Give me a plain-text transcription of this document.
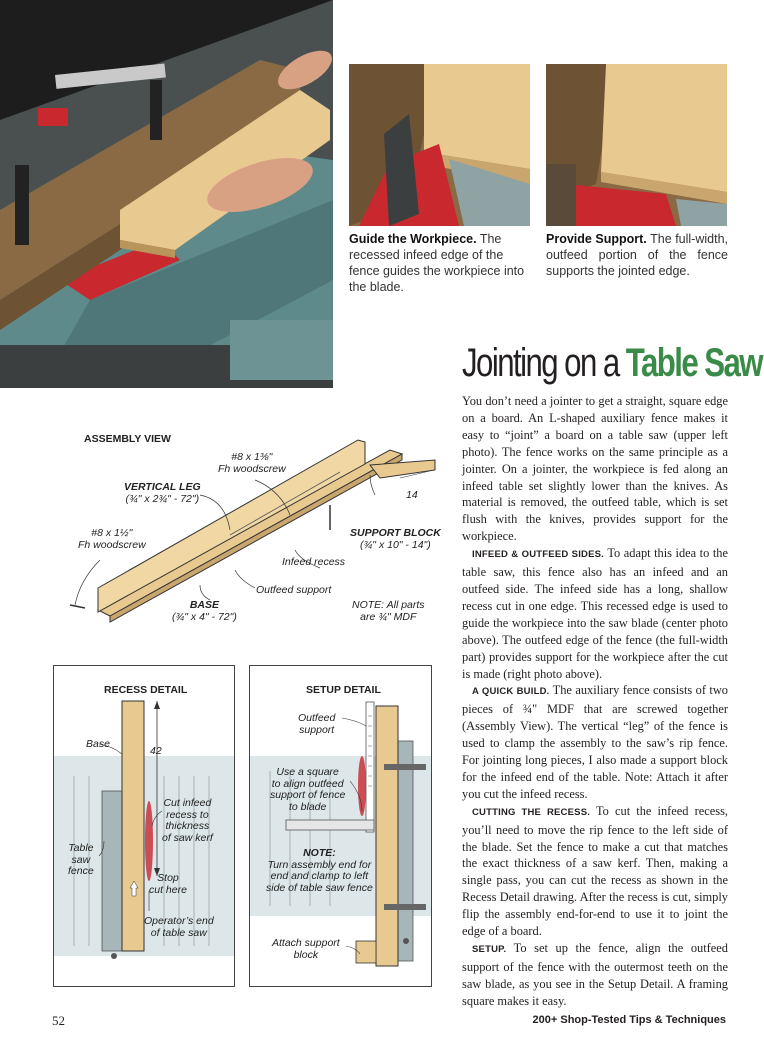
Guide the Workpiece. The recessed infeed edge of the fence guides the workpiece into the blade.
Provide Support. The full-width, outfeed portion of the fence supports the jointed edge.
Jointing on a Table Saw

You don’t need a jointer to get a straight, square edge on a board. An L-shaped auxiliary fence makes it easy to “joint” a board on a table saw (upper left photo). The fence works on the same principle as a jointer. On a jointer, the workpiece is fed along an infeed table set slightly lower than the knives. As material is removed, the outfeed table, which is set flush with the knives, provides support for the workpiece.

INFEED & OUTFEED SIDES. To adapt this idea to the table saw, this fence also has an infeed and an outfeed side. The infeed side has a long, shallow recess cut in one edge. This recessed edge is used to guide the workpiece into the saw blade (center photo above). The outfeed edge of the fence (the full-width part) provides support for the workpiece after the cut is made (right photo above).

A QUICK BUILD. The auxiliary fence consists of two pieces of ¾" MDF that are screwed together (Assembly View). The vertical “leg” of the fence is used to clamp the assembly to the saw’s rip fence. For jointing long pieces, I also made a support block for the infeed end of the table. Note: Attach it after you cut the infeed recess.

CUTTING THE RECESS. To cut the infeed recess, you’ll need to move the rip fence to the left side of the blade. Set the fence to make a cut that matches the exact thickness of a saw kerf. Then, making a single pass, you can cut the recess as shown in the Recess Detail drawing. After the recess is cut, simply flip the assembly end-for-end to use it to joint the edge of a board.

SETUP. To set up the fence, align the outfeed support of the fence with the outermost teeth on the saw blade, as you see in the Setup Detail. A framing square makes it easy.

ASSEMBLY VIEW
#8 x 1⅜"
Fh woodscrew
VERTICAL LEG
(¾" x 2¾" - 72")
#8 x 1½"
Fh woodscrew
14
SUPPORT BLOCK
(¾" x 10" - 14")
Infeed recess
Outfeed support
BASE
(¾" x 4" - 72")
NOTE: All parts
are ¾" MDF
RECESS DETAIL
Base
42
Cut infeed
recess to
thickness
of saw kerf
Table
saw
fence
Stop
cut here
Operator’s end
of table saw
SETUP DETAIL
Outfeed
support
Use a square
to align outfeed
support of fence
to blade
NOTE:
Turn assembly end for
end and clamp to left
side of table saw fence
Attach support
block
52	200+ Shop-Tested Tips & Techniques
